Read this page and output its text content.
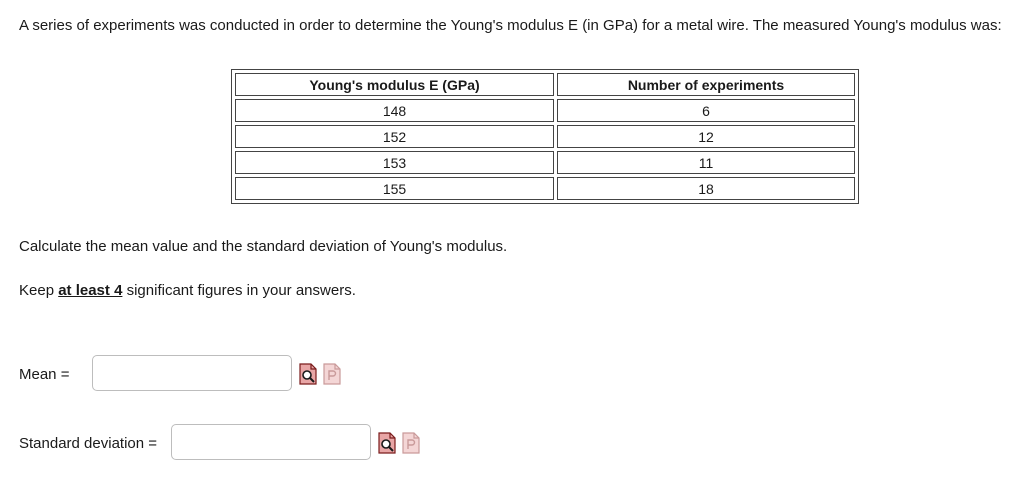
A series of experiments was conducted in order to determine the Young's modulus E (in GPa) for a metal wire. The measured Young's modulus was:
Young's modulus E (GPa)	Number of experiments
148	6
152	12
153	11
155	18
Calculate the mean value and the standard deviation of Young's modulus.
Keep at least 4 significant figures in your answers.
Mean =
Standard deviation =
